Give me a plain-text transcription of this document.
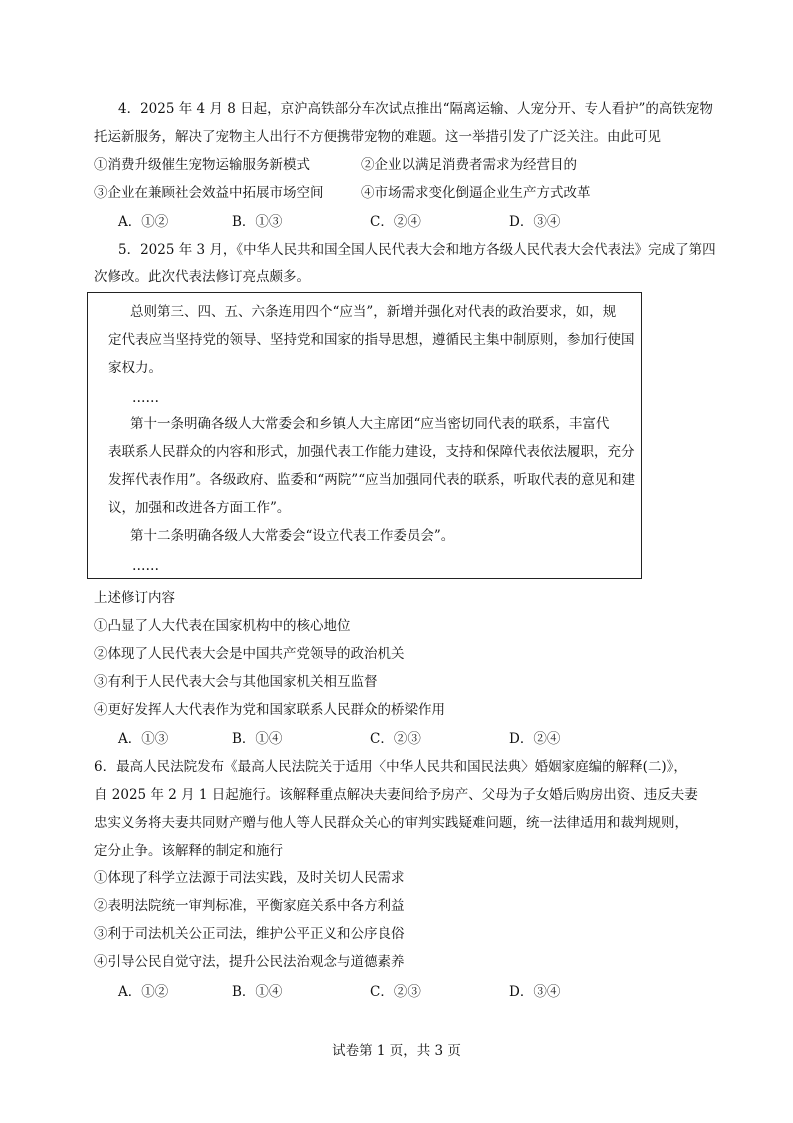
4．2025 年 4 月 8 日起，京沪高铁部分车次试点推出“隔离运输、人宠分开、专人看护”的高铁宠物
托运新服务，解决了宠物主人出行不方便携带宠物的难题。这一举措引发了广泛关注。由此可见
①消费升级催生宠物运输服务新模式	②企业以满足消费者需求为经营目的
③企业在兼顾社会效益中拓展市场空间	④市场需求变化倒逼企业生产方式改革
A．①②	B．①③	C．②④	D．③④
5．2025 年 3 月，《中华人民共和国全国人民代表大会和地方各级人民代表大会代表法》完成了第四
次修改。此次代表法修订亮点颇多。
总则第三、四、五、六条连用四个“应当”，新增并强化对代表的政治要求，如，规
定代表应当坚持党的领导、坚持党和国家的指导思想，遵循民主集中制原则，参加行使国
家权力。
……
第十一条明确各级人大常委会和乡镇人大主席团“应当密切同代表的联系，丰富代
表联系人民群众的内容和形式，加强代表工作能力建设，支持和保障代表依法履职，充分
发挥代表作用”。各级政府、监委和“两院”“应当加强同代表的联系，听取代表的意见和建
议，加强和改进各方面工作”。
第十二条明确各级人大常委会“设立代表工作委员会”。
……
上述修订内容
①凸显了人大代表在国家机构中的核心地位
②体现了人民代表大会是中国共产党领导的政治机关
③有利于人民代表大会与其他国家机关相互监督
④更好发挥人大代表作为党和国家联系人民群众的桥梁作用
A．①③	B．①④	C．②③	D．②④
6．最高人民法院发布《最高人民法院关于适用〈中华人民共和国民法典〉婚姻家庭编的解释(二)》，
自 2025 年 2 月 1 日起施行。该解释重点解决夫妻间给予房产、父母为子女婚后购房出资、违反夫妻
忠实义务将夫妻共同财产赠与他人等人民群众关心的审判实践疑难问题，统一法律适用和裁判规则，
定分止争。该解释的制定和施行
①体现了科学立法源于司法实践，及时关切人民需求
②表明法院统一审判标准，平衡家庭关系中各方利益
③利于司法机关公正司法，维护公平正义和公序良俗
④引导公民自觉守法，提升公民法治观念与道德素养
A．①②	B．①④	C．②③	D．③④
试卷第 1 页，共 3 页
